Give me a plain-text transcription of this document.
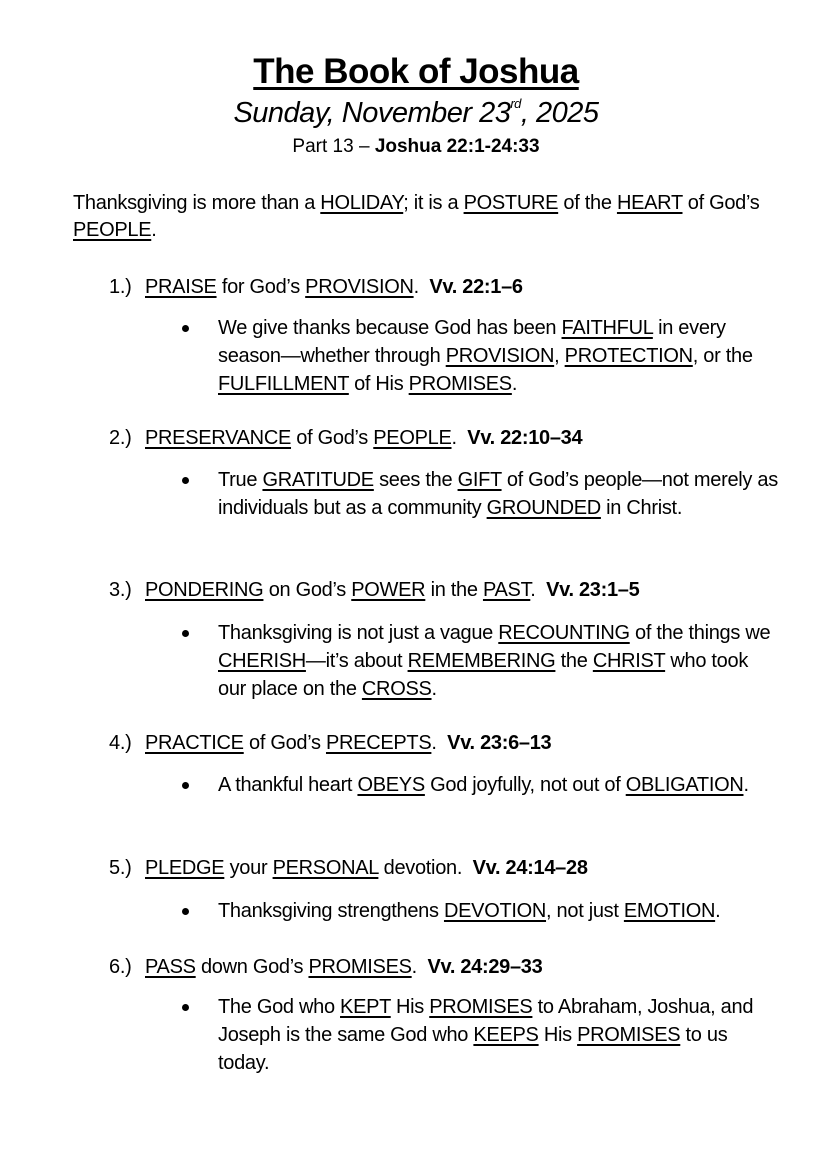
The Book of Joshua
Sunday, November 23rd, 2025
Part 13 – Joshua 22:1-24:33

Thanksgiving is more than a HOLIDAY; it is a POSTURE of the HEART of God’s PEOPLE.

1.) PRAISE for God’s PROVISION. Vv. 22:1–6

We give thanks because God has been FAITHFUL in every season—whether through PROVISION, PROTECTION, or the FULFILLMENT of His PROMISES.

2.) PRESERVANCE of God’s PEOPLE. Vv. 22:10–34

True GRATITUDE sees the GIFT of God’s people—not merely as individuals but as a community GROUNDED in Christ.

3.) PONDERING on God’s POWER in the PAST. Vv. 23:1–5

Thanksgiving is not just a vague RECOUNTING of the things we CHERISH—it’s about REMEMBERING the CHRIST who took our place on the CROSS.

4.) PRACTICE of God’s PRECEPTS. Vv. 23:6–13

A thankful heart OBEYS God joyfully, not out of OBLIGATION.

5.) PLEDGE your PERSONAL devotion. Vv. 24:14–28

Thanksgiving strengthens DEVOTION, not just EMOTION.

6.) PASS down God’s PROMISES. Vv. 24:29–33

The God who KEPT His PROMISES to Abraham, Joshua, and Joseph is the same God who KEEPS His PROMISES to us today.
